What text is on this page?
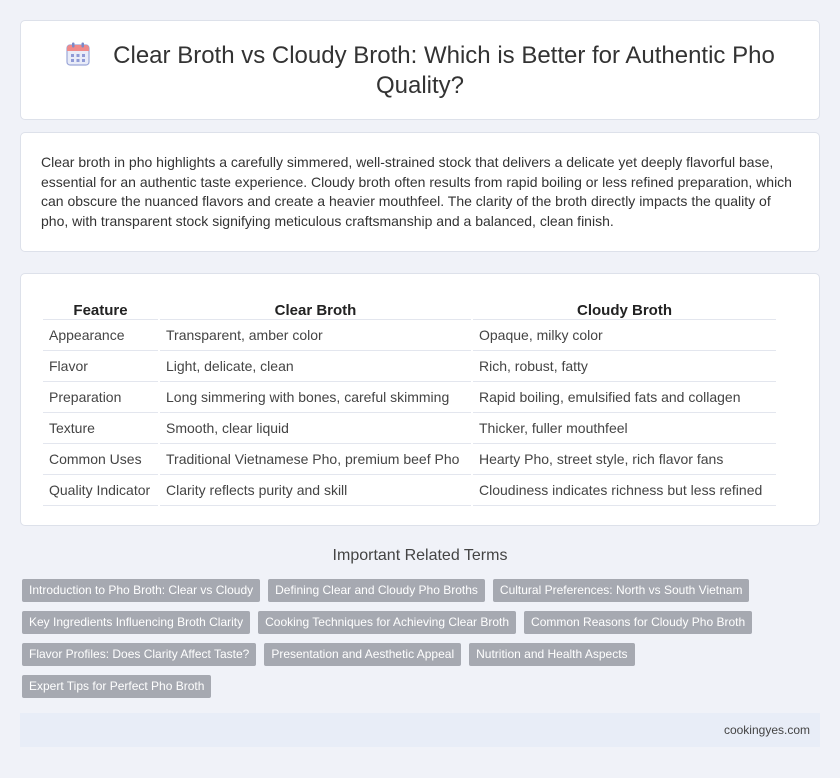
Clear Broth vs Cloudy Broth: Which is Better for Authentic Pho Quality?

Clear broth in pho highlights a carefully simmered, well-strained stock that delivers a delicate yet deeply flavorful base, essential for an authentic taste experience. Cloudy broth often results from rapid boiling or less refined preparation, which can obscure the nuanced flavors and create a heavier mouthfeel. The clarity of the broth directly impacts the quality of pho, with transparent stock signifying meticulous craftsmanship and a balanced, clean finish.

Feature		Clear Broth		Cloudy Broth
Appearance		Transparent, amber color		Opaque, milky color
Flavor		Light, delicate, clean		Rich, robust, fatty
Preparation		Long simmering with bones, careful skimming		Rapid boiling, emulsified fats and collagen
Texture		Smooth, clear liquid		Thicker, fuller mouthfeel
Common Uses		Traditional Vietnamese Pho, premium beef Pho		Hearty Pho, street style, rich flavor fans
Quality Indicator		Clarity reflects purity and skill		Cloudiness indicates richness but less refined
Important Related Terms
Introduction to Pho Broth: Clear vs Cloudy	Defining Clear and Cloudy Pho Broths	Cultural Preferences: North vs South Vietnam
Key Ingredients Influencing Broth Clarity	Cooking Techniques for Achieving Clear Broth	Common Reasons for Cloudy Pho Broth
Flavor Profiles: Does Clarity Affect Taste?	Presentation and Aesthetic Appeal	Nutrition and Health Aspects
Expert Tips for Perfect Pho Broth
cookingyes.com
